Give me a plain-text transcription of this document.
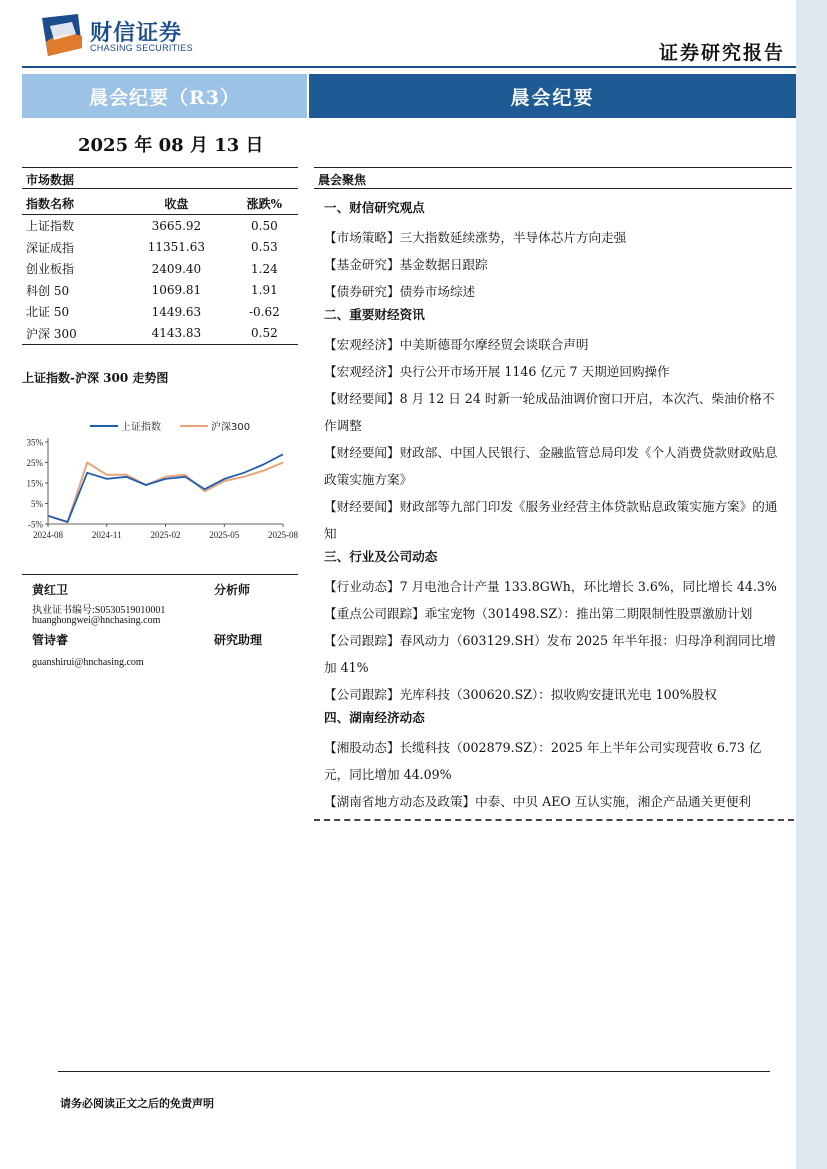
财信证券
CHASING SECURITIES	证券研究报告
晨会纪要（R3）	晨会纪要
2025 年 08 月 13 日
市场数据
指数名称	收盘	涨跌%
上证指数	3665.92	0.50
深证成指	11351.63	0.53
创业板指	2409.40	1.24
科创 50	1069.81	1.91
北证 50	1449.63	-0.62
沪深 300	4143.83	0.52
上证指数-沪深 300 走势图
35%
25%
15%
5%
-5%
2024-08	2024-11	2025-02	2025-05	2025-08
上证指数	沪深300
黄红卫	分析师
执业证书编号:S0530519010001
huanghongwei@hnchasing.com
管诗睿	研究助理
guanshirui@hnchasing.com
晨会聚焦
一、财信研究观点
【市场策略】三大指数延续涨势，半导体芯片方向走强
【基金研究】基金数据日跟踪
【债券研究】债券市场综述
二、重要财经资讯
【宏观经济】中美斯德哥尔摩经贸会谈联合声明
【宏观经济】央行公开市场开展 1146 亿元 7 天期逆回购操作
【财经要闻】8 月 12 日 24 时新一轮成品油调价窗口开启，本次汽、柴油价格不作调整
【财经要闻】财政部、中国人民银行、金融监管总局印发《个人消费贷款财政贴息政策实施方案》
【财经要闻】财政部等九部门印发《服务业经营主体贷款贴息政策实施方案》的通知
三、行业及公司动态
【行业动态】7 月电池合计产量 133.8GWh，环比增长 3.6%，同比增长 44.3%
【重点公司跟踪】乖宝宠物（301498.SZ）：推出第二期限制性股票激励计划
【公司跟踪】春风动力（603129.SH）发布 2025 年半年报：归母净利润同比增加 41%
【公司跟踪】光库科技（300620.SZ）：拟收购安捷讯光电 100%股权
四、湖南经济动态
【湘股动态】长缆科技（002879.SZ）：2025 年上半年公司实现营收 6.73 亿元，同比增加 44.09%
【湖南省地方动态及政策】中泰、中贝 AEO 互认实施，湘企产品通关更便利
请务必阅读正文之后的免责声明
